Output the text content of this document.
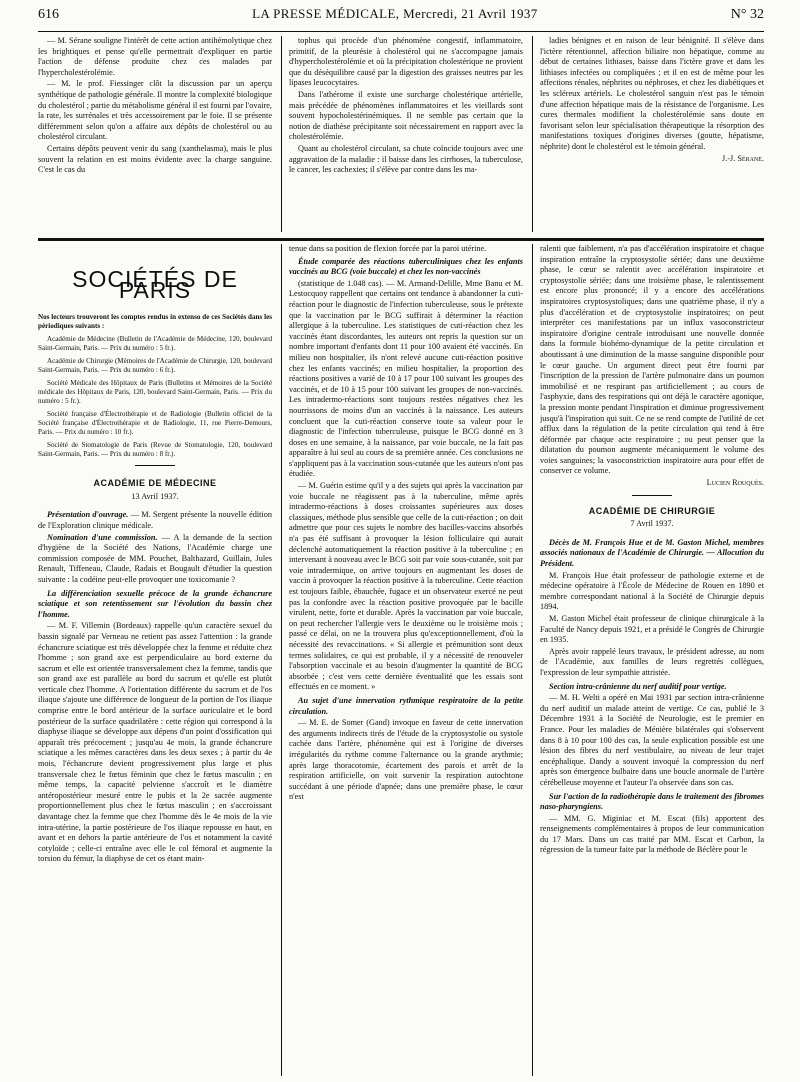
616	LA PRESSE MÉDICALE, Mercredi, 21 Avril 1937	N° 32

— M. Sérane souligne l'intérêt de cette action antihémolytique chez les brightiques et pense qu'elle permettrait d'expliquer en partie l'action de défense produite chez ces malades par l'hypercholestérolémie.

— M. le prof. Fiessinger clôt la discussion par un aperçu synthétique de pathologie générale. Il montre la complexité biologique du cholestérol ; partie du métabolisme général il est fourni par l'ovaire, la rate, les surrénales et très accessoirement par le foie. Il se présente différemment selon qu'on a affaire aux dépôts de cholestérol ou au cholestérol circulant.

Certains dépôts peuvent venir du sang (xanthelasma), mais le plus souvent la relation en est moins évidente avec la charge sanguine. C'est le cas du

tophus qui procède d'un phénomène congestif, inflammatoire, primitif, de la pleurésie à cholestérol qui ne s'accompagne jamais d'hypercholestérolémie et où la précipitation cholestérique ne provient que du déséquilibre causé par la digestion des graisses neutres par les lipases leucocytaires.

Dans l'athérome il existe une surcharge cholestérique artérielle, mais précédée de phénomènes inflammatoires et les vieillards sont souvent hypocholestérinémiques. Il ne semble pas certain que la notion de diathèse précipitante soit nécessairement en rapport avec la cholestérolémie.

Quant au cholestérol circulant, sa chute coïncide toujours avec une aggravation de la maladie : il baisse dans les cirrhoses, la tuberculose, le cancer, les cachexies; il s'élève par contre dans les ma-

ladies bénignes et en raison de leur bénignité. Il s'élève dans l'ictère rétentionnel, affection biliaire non hépatique, comme au début de certaines lithiases, baisse dans l'ictère grave et dans les lithiases infectées ou compliquées ; et il en est de même pour les affections rénales, néphrites ou néphroses, et chez les diabétiques et les scléreux artériels. Le cholestérol sanguin n'est pas le témoin d'une affection hépatique mais de la résistance de l'organisme. Les cures thermales modifient la cholestérolémie sans doute en favorisant selon leur spécialisation thérapeutique la résorption des manifestations toxiques d'origines diverses (goutte, hépatisme, néphrite) dont le cholestérol est le témoin général.

J.-J. Sérane.

SOCIÉTÉS DE PARIS

Nos lecteurs trouveront les comptes rendus in extenso de ces Sociétés dans les périodiques suivants :

Académie de Médecine (Bulletin de l'Académie de Médecine, 120, boulevard Saint-Germain, Paris. — Prix du numéro : 5 fr.).

Académie de Chirurgie (Mémoires de l'Académie de Chirurgie, 120, boulevard Saint-Germain, Paris. — Prix du numéro : 6 fr.).

Société Médicale des Hôpitaux de Paris (Bulletins et Mémoires de la Société médicale des Hôpitaux de Paris, 120, boulevard Saint-Germain, Paris. — Prix du numéro : 5 fr.).

Société française d'Électrothérapie et de Radiologie (Bulletin officiel de la Société française d'Électrothérapie et de Radiologie, 11, rue Pierre-Demours, Paris. — Prix du numéro : 10 fr.).

Société de Stomatologie de Paris (Revue de Stomatologie, 120, boulevard Saint-Germain, Paris. — Prix du numéro : 8 fr.).

ACADÉMIE DE MÉDECINE
13 Avril 1937.

Présentation d'ouvrage. — M. Sergent présente la nouvelle édition de l'Exploration clinique médicale.

Nomination d'une commission. — A la demande de la section d'hygiène de la Société des Nations, l'Académie charge une commission composée de MM. Pouchet, Balthazard, Guillain, Jules Renault, Tiffeneau, Claude, Radais et Bougault d'étudier la question suivante : la codéine peut-elle provoquer une toxicomanie ?

La différenciation sexuelle précoce de la grande échancrure sciatique et son retentissement sur l'évolution du bassin chez l'homme.

— M. F. Villemin (Bordeaux) rappelle qu'un caractère sexuel du bassin signalé par Verneau ne retient pas assez l'attention : la grande échancrure sciatique est très développée chez la femme et réduite chez l'homme ; son grand axe est perpendiculaire au bord externe du sacrum et elle est orientée transversalement chez la femme, tandis que son grand axe est parallèle au bord du sacrum et qu'elle est plutôt verticale chez l'homme. A l'orientation différente du sacrum et de l'os iliaque s'ajoute une différence de longueur de la portion de l'os iliaque comprise entre le bord antérieur de la surface auriculaire et le bord postérieur de la surface quadrilatère : cette région qui correspond à la diaphyse iliaque se développe aux dépens d'un point d'ossification qui apparaît très précocement ; jusqu'au 4e mois, la grande échancrure sciatique a les mêmes caractères dans les deux sexes ; à partir du 4e mois, l'échancrure devient progressivement plus large et plus transversale chez le fœtus féminin que chez le fœtus masculin ; en même temps, la capacité pelvienne s'accroît et le diamètre antéropostérieur mesuré entre le pubis et la 2e sacrée augmente proportionnellement plus chez le fœtus masculin ; en s'accroissant davantage chez la femme que chez l'homme dès le 4e mois de la vie intra-utérine, la partie postérieure de l'os iliaque repousse en haut, en avant et en dehors la partie antérieure de l'os et notamment la cavité cotyloïde ; celle-ci entraîne avec elle le col fémoral et augmente la torsion du fémur, la diaphyse de cet os étant main-

tenue dans sa position de flexion forcée par la paroi utérine.

Étude comparée des réactions tuberculiniques chez les enfants vaccinés au BCG (voie buccale) et chez les non-vaccinés

(statistique de 1.048 cas). — M. Armand-Delille, Mme Banu et M. Lestocquoy rappellent que certains ont tendance à abandonner la cuti-réaction pour le diagnostic de l'infection tuberculeuse, sous le prétexte que la vaccination par le BCG suffirait à déterminer la réaction allergique à la tuberculine. Les statistiques de cuti-réaction chez les vaccinés étant discordantes, les auteurs ont repris la question sur un nombre important d'enfants dont 11 pour 100 avaient été vaccinés. En milieu non hospitalier, ils n'ont relevé aucune cuti-réaction positive chez les enfants vaccinés; en milieu hospitalier, la proportion des réactions positives a varié de 10 à 17 pour 100 suivant les groupes des vaccinés, et de 10 à 15 pour 100 suivant les groupes de non-vaccinés. Les intradermo-réactions sont toujours restées négatives chez les nourrissons de moins d'un an vaccinés à la naissance. Les auteurs concluent que la cuti-réaction conserve toute sa valeur pour le diagnostic de l'infection tuberculeuse, puisque le BCG donné en 3 doses en une semaine, à la naissance, par voie buccale, ne la fait pas apparaître à lui seul au cours de sa première année. Ces conclusions ne s'appliquent pas à la vaccination sous-cutanée que les auteurs n'ont pas étudiée.

— M. Guérin estime qu'il y a des sujets qui après la vaccination par voie buccale ne réagissent pas à la tuberculine, même après intradermo-réactions à doses croissantes supérieures aux doses classiques, méthode plus sensible que celle de la cuti-réaction ; on doit admettre que pour ces sujets le nombre des bacilles-vaccins absorbés n'a pas été suffisant à provoquer la lésion folliculaire qui aurait déclenché automatiquement la réaction positive à la tuberculine ; en intervenant à nouveau avec le BCG soit par voie sous-cutanée, soit par voie intradermique, on arrive toujours en augmentant les doses de vaccin à provoquer la réaction positive à la tuberculine. Cette réaction est toujours faible, ébauchée, fugace et un observateur exercé ne peut pas la confondre avec la réaction positive provoquée par le bacille virulent, nette, forte et durable. Après la vaccination par voie buccale, on peut rechercher l'allergie vers le deuxième ou le troisième mois ; passé ce délai, on ne la trouvera plus qu'exceptionnellement, d'où la nécessité des revaccinations. « Si allergie et prémunition sont deux termes solidaires, ce qui est probable, il y a nécessité de renouveler l'absorption vaccinale et au besoin d'augmenter la quantité de BCG absorbée ; c'est vers cette dernière éventualité que les essais sont effectués en ce moment. »

Au sujet d'une innervation rythmique respiratoire de la petite circulation.

— M. E. de Somer (Gand) invoque en faveur de cette innervation des arguments indirects tirés de l'étude de la cryptosystolie ou systole cachée dans l'artère, phénomène qui est à l'origine de diverses irrégularités du rythme comme l'alternance ou la grande arythmie; après large thoracotomie, écartement des parois et arrêt de la respiration artificielle, on voit survenir la respiration autochtone succédant à une période d'apnée; dans une première phase, le cœur n'est

ralenti que faiblement, n'a pas d'accélération inspiratoire et chaque inspiration entraîne la cryptosystolie sériée; dans une deuxième phase, le cœur se ralentit avec accélération inspiratoire et cryptosystolie sériée; dans une troisième phase, le ralentissement est encore plus prononcé; il y a encore des accélérations inspiratoires cryptosystoliques; dans une quatrième phase, il n'y a plus d'accélération et de cryptosystolie inspiratoires; on peut interpréter ces manifestations par un influx vasoconstricteur inspiratoire d'origine centrale introduisant une nouvelle donnée dans la formule biohémo-dynamique de la petite circulation et aboutissant à une diminution de la masse sanguine disponible pour le cœur gauche. Un argument direct peut être fourni par l'inscription de la pression de l'artère pulmonaire dans un poumon immobilisé et ne respirant pas artificiellement ; au cours de l'asphyxie, dans des respirations qui ont déjà le caractère agonique, la pression monte pendant l'inspiration et diminue progressivement jusqu'à l'inspiration qui suit. Ce ne se rend compte de l'utilité de cet afflux dans la régulation de la petite circulation qui tend à être déformée par chaque acte respiratoire ; ou peut penser que la dilatation du poumon augmente mécaniquement le volume des voies sanguines; la vasoconstriction inspiratoire aura pour effet de conserver ce volume.

Lucien Rouquès.

ACADÉMIE DE CHIRURGIE
7 Avril 1937.

Décès de M. François Hue et de M. Gaston Michel, membres associés nationaux de l'Académie de Chirurgie. — Allocution du Président.

M. François Hue était professeur de pathologie externe et de médecine opératoire à l'École de Médecine de Rouen en 1890 et membre correspondant national à la Société de Chirurgie depuis 1894.

M. Gaston Michel était professeur de clinique chirurgicale à la Faculté de Nancy depuis 1921, et a présidé le Congrès de Chirurgie en 1935.

Après avoir rappelé leurs travaux, le président adresse, au nom de l'Académie, aux familles de leurs regrettés collègues, l'expression de leur sympathie attristée.

Section intra-crânienne du nerf auditif pour vertige.

— M. H. Welti a opéré en Mai 1931 par section intra-crânienne du nerf auditif un malade atteint de vertige. Ce cas, publié le 3 Décembre 1931 à la Société de Neurologie, est le premier en France. Pour les maladies de Ménière bilatérales qui s'observent dans 8 à 10 pour 100 des cas, la seule explication possible est une lésion des fibres du nerf vestibulaire, au niveau de leur trajet encéphalique. Dandy a souvent invoqué la compression du nerf après son émergence bulbaire dans une boucle anormale de l'artère cérébelleuse moyenne et l'auteur l'a observée dans son cas.

Sur l'action de la radiothérapie dans le traitement des fibromes naso-pharyngiens.

— MM. G. Miginiac et M. Escat (fils) apportent des renseignements complémentaires à propos de leur communication du 17 Mars. Dans un cas traité par MM. Escat et Carbon, la régression de la tumeur faite par la méthode de Béclère pour le
